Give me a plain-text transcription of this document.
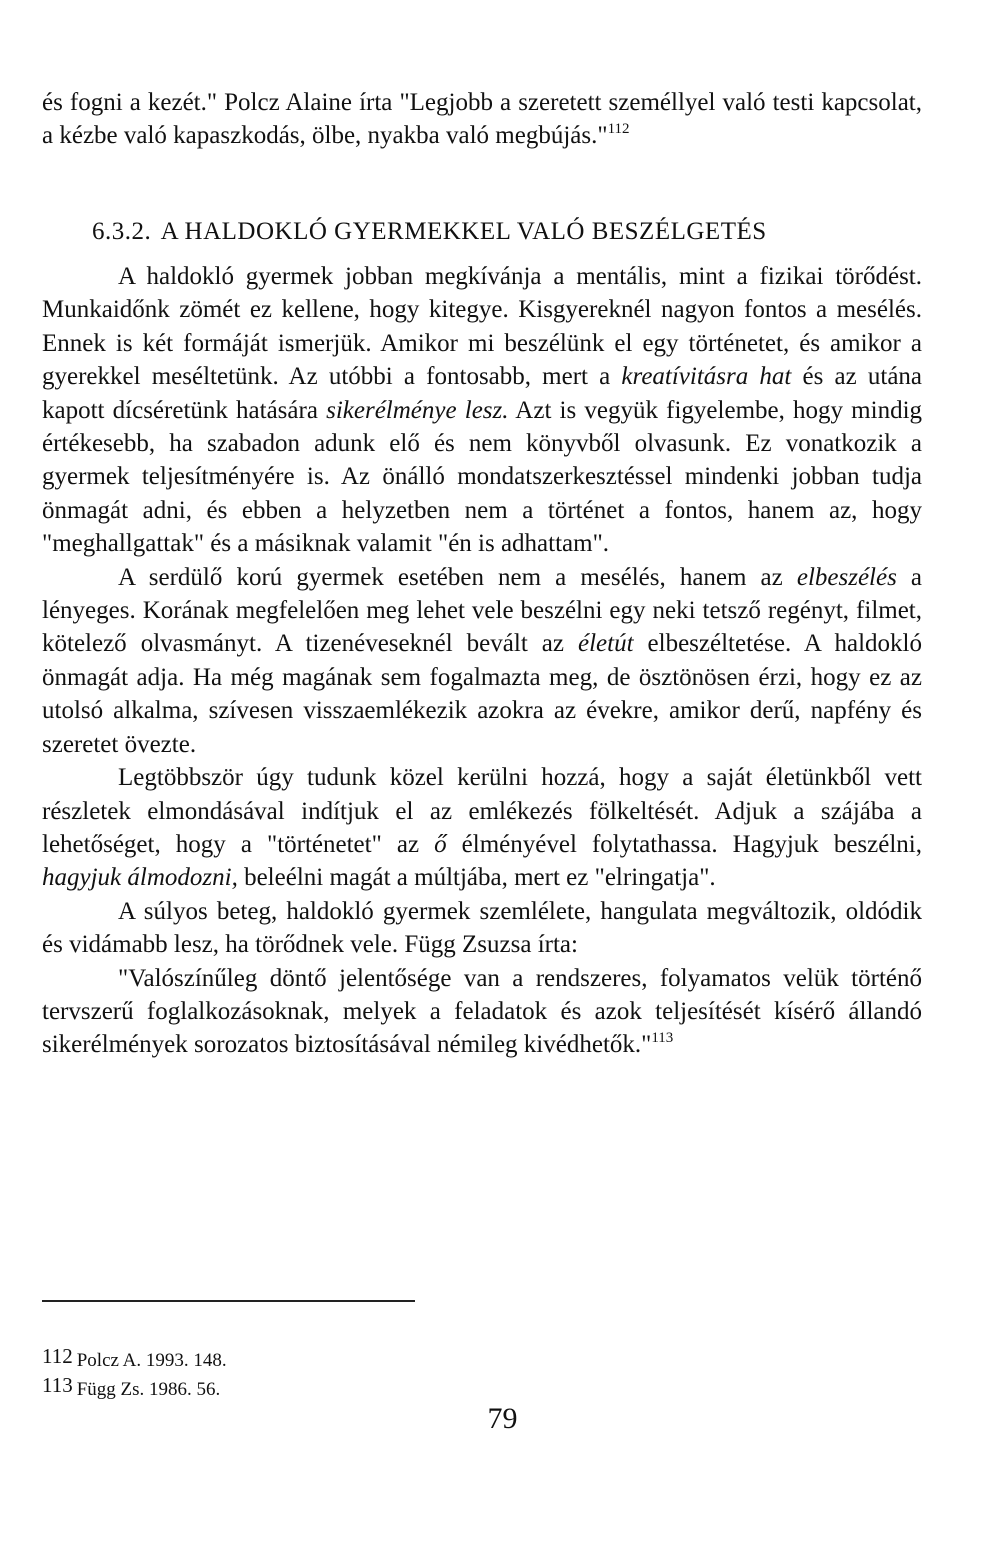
és fogni a kezét." Polcz Alaine írta "Legjobb a szeretett személlyel való testi kapcsolat, a kézbe való kapaszkodás, ölbe, nyakba való megbújás."$^{112}$

6.3.2. A HALDOKLÓ GYERMEKKEL VALÓ BESZÉLGETÉS

A haldokló gyermek jobban megkívánja a mentális, mint a fizikai törődést. Munkaidőnk zömét ez kellene, hogy kitegye. Kisgyereknél nagyon fontos a mesélés. Ennek is két formáját ismerjük. Amikor mi beszélünk el egy történetet, és amikor a gyerekkel meséltetünk. Az utóbbi a fontosabb, mert a kreatívitásra hat és az utána kapott dícséretünk hatására sikerélménye lesz. Azt is vegyük figyelembe, hogy mindig értékesebb, ha szabadon adunk elő és nem könyvből olvasunk. Ez vonatkozik a gyermek teljesítményére is. Az önálló mondatszerkesztéssel mindenki jobban tudja önmagát adni, és ebben a helyzetben nem a történet a fontos, hanem az, hogy "meghallgattak" és a másiknak valamit "én is adhattam".

A serdülő korú gyermek esetében nem a mesélés, hanem az elbeszélés a lényeges. Korának megfelelően meg lehet vele beszélni egy neki tetsző regényt, filmet, kötelező olvasmányt. A tizenéveseknél bevált az életút elbeszéltetése. A haldokló önmagát adja. Ha még magának sem fogalmazta meg, de ösztönösen érzi, hogy ez az utolsó alkalma, szívesen visszaemlékezik azokra az évekre, amikor derű, napfény és szeretet övezte.

Legtöbbször úgy tudunk közel kerülni hozzá, hogy a saját életünkből vett részletek elmondásával indítjuk el az emlékezés fölkeltését. Adjuk a szájába a lehetőséget, hogy a "történetet" az ő élményével folytathassa. Hagyjuk beszélni, hagyjuk álmodozni, beleélni magát a múltjába, mert ez "elringatja".

A súlyos beteg, haldokló gyermek szemlélete, hangulata megváltozik, oldódik és vidámabb lesz, ha törődnek vele. Függ Zsuzsa írta:

"Valószínűleg döntő jelentősége van a rendszeres, folyamatos velük történő tervszerű foglalkozásoknak, melyek a feladatok és azok teljesítését kísérő állandó sikerélmények sorozatos biztosításával némileg kivédhetők."$^{113}$

$^{112}$ Polcz A. 1993. 148.

$^{113}$ Függ Zs. 1986. 56.

79
